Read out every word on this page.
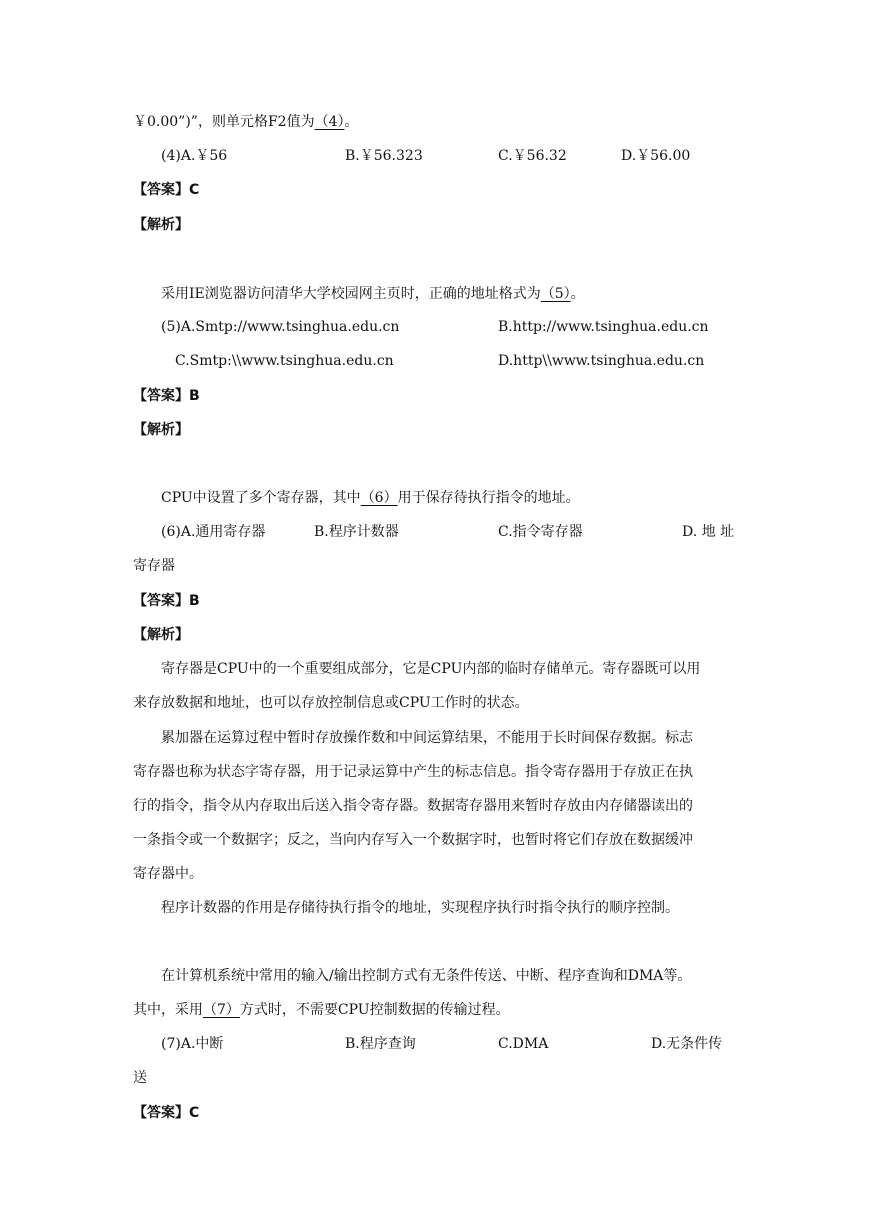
￥0.00”)”，则单元格F2值为（4）。
(4)A.￥56	B.￥56.323	C.￥56.32	D.￥56.00
【答案】C
【解析】
采用IE浏览器访问清华大学校园网主页时，正确的地址格式为（5）。
(5)A.Smtp://www.tsinghua.edu.cn	B.http://www.tsinghua.edu.cn
C.Smtp:\\www.tsinghua.edu.cn	D.http\\www.tsinghua.edu.cn
【答案】B
【解析】
CPU中设置了多个寄存器，其中（6）用于保存待执行指令的地址。
(6)A.通用寄存器	B.程序计数器	C.指令寄存器	D. 地 址
寄存器
【答案】B
【解析】
寄存器是CPU中的一个重要组成部分，它是CPU内部的临时存储单元。寄存器既可以用
来存放数据和地址，也可以存放控制信息或CPU工作时的状态。
累加器在运算过程中暂时存放操作数和中间运算结果，不能用于长时间保存数据。标志
寄存器也称为状态字寄存器，用于记录运算中产生的标志信息。指令寄存器用于存放正在执
行的指令，指令从内存取出后送入指令寄存器。数据寄存器用来暂时存放由内存储器读出的
一条指令或一个数据字；反之，当向内存写入一个数据字时，也暂时将它们存放在数据缓冲
寄存器中。
程序计数器的作用是存储待执行指令的地址，实现程序执行时指令执行的顺序控制。
在计算机系统中常用的输入/输出控制方式有无条件传送、中断、程序查询和DMA等。
其中，采用（7）方式时，不需要CPU控制数据的传输过程。
(7)A.中断	B.程序查询	C.DMA	D.无条件传
送
【答案】C
